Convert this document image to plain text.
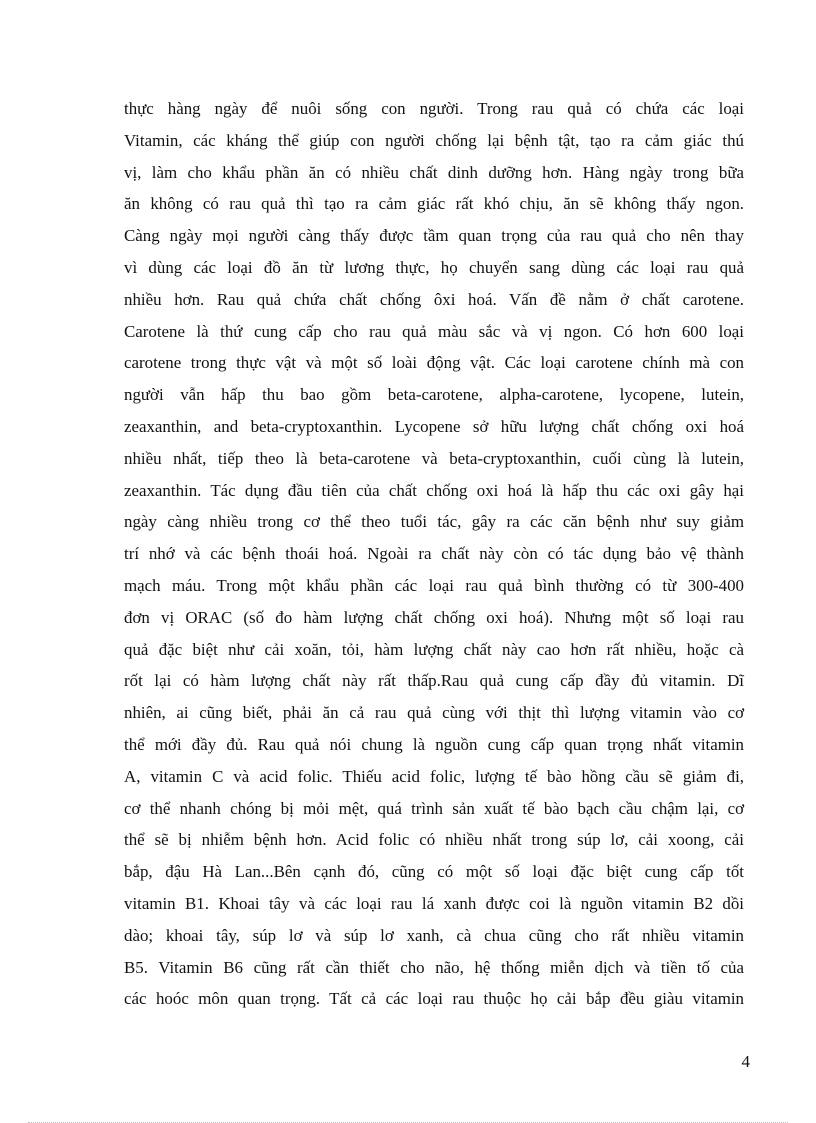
thực hàng ngày để nuôi sống con người. Trong rau quả có chứa các loại
Vitamin, các kháng thể giúp con người chống lại bệnh tật, tạo ra cảm giác thú
vị, làm cho khẩu phần ăn có nhiều chất dinh dưỡng hơn. Hàng ngày trong bữa
ăn không có rau quả thì tạo ra cảm giác rất khó chịu, ăn sẽ không thấy ngon.
Càng ngày mọi người càng thấy được tầm quan trọng của rau quả cho nên thay
vì dùng các loại đồ ăn từ lương thực, họ chuyển sang dùng các loại rau quả
nhiều hơn. Rau quả chứa chất chống ôxi hoá. Vấn đề nằm ở chất carotene.
Carotene là thứ cung cấp cho rau quả màu sắc và vị ngon. Có hơn 600 loại
carotene trong thực vật và một số loài động vật. Các loại carotene chính mà con
người vẫn hấp thu bao gồm beta-carotene, alpha-carotene, lycopene, lutein,
zeaxanthin, and beta-cryptoxanthin. Lycopene sở hữu lượng chất chống oxi hoá
nhiều nhất, tiếp theo là beta-carotene và beta-cryptoxanthin, cuối cùng là lutein,
zeaxanthin. Tác dụng đầu tiên của chất chống oxi hoá là hấp thu các oxi gây hại
ngày càng nhiều trong cơ thể theo tuổi tác, gây ra các căn bệnh như suy giảm
trí nhớ và các bệnh thoái hoá. Ngoài ra chất này còn có tác dụng bảo vệ thành
mạch máu. Trong một khẩu phần các loại rau quả bình thường có từ 300-400
đơn vị ORAC (số đo hàm lượng chất chống oxi hoá). Nhưng một số loại rau
quả đặc biệt như cải xoăn, tỏi, hàm lượng chất này cao hơn rất nhiều, hoặc cà
rốt lại có hàm lượng chất này rất thấp.Rau quả cung cấp đầy đủ vitamin. Dĩ
nhiên, ai cũng biết, phải ăn cả rau quả cùng với thịt thì lượng vitamin vào cơ
thể mới đầy đủ. Rau quả nói chung là nguồn cung cấp quan trọng nhất vitamin
A, vitamin C và acid folic. Thiếu acid folic, lượng tế bào hồng cầu sẽ giảm đi,
cơ thể nhanh chóng bị mỏi mệt, quá trình sản xuất tế bào bạch cầu chậm lại, cơ
thể sẽ bị nhiễm bệnh hơn. Acid folic có nhiều nhất trong súp lơ, cải xoong, cải
bắp, đậu Hà Lan...Bên cạnh đó, cũng có một số loại đặc biệt cung cấp tốt
vitamin B1. Khoai tây và các loại rau lá xanh được coi là nguồn vitamin B2 dồi
dào; khoai tây, súp lơ và súp lơ xanh, cà chua cũng cho rất nhiều vitamin
B5. Vitamin B6 cũng rất cần thiết cho não, hệ thống miễn dịch và tiền tố của
các hoóc môn quan trọng. Tất cả các loại rau thuộc họ cải bắp đều giàu vitamin
4
